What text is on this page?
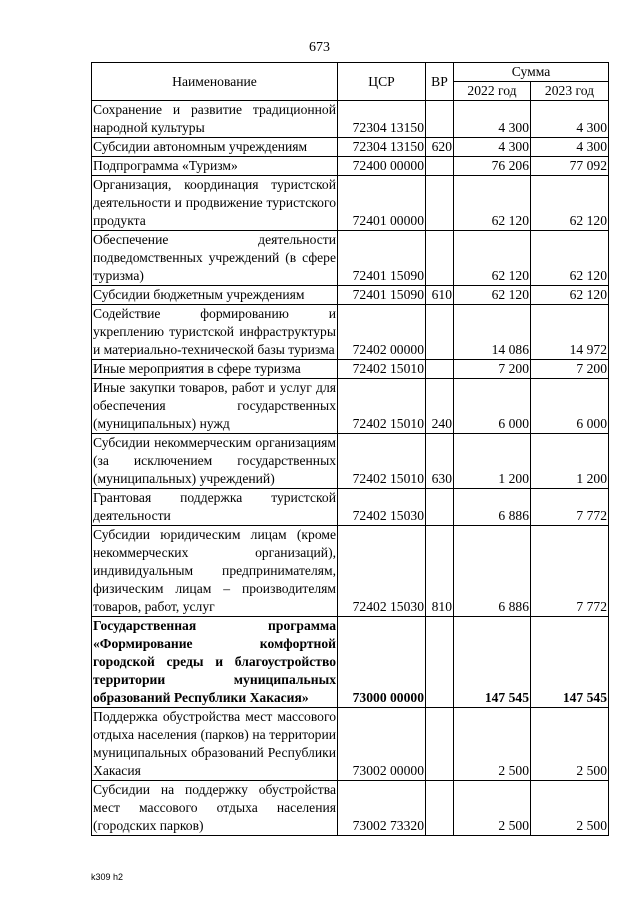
673
Наименование	ЦСР	ВР	Сумма	
			2022 год	2023 год
Сохранение и развитие традиционной народной культуры	72304 13150		4 300	4 300
Субсидии автономным учреждениям	72304 13150	620	4 300	4 300
Подпрограмма «Туризм»	72400 00000		76 206	77 092
Организация, координация туристской деятельности и продвижение туристского продукта	72401 00000		62 120	62 120
Обеспечение деятельности подведомственных учреждений (в сфере туризма)	72401 15090		62 120	62 120
Субсидии бюджетным учреждениям	72401 15090	610	62 120	62 120
Содействие формированию и укреплению туристской инфраструктуры и материально-технической базы туризма	72402 00000		14 086	14 972
Иные мероприятия в сфере туризма	72402 15010		7 200	7 200
Иные закупки товаров, работ и услуг для обеспечения государственных (муниципальных) нужд	72402 15010	240	6 000	6 000
Субсидии некоммерческим организациям (за исключением государственных (муниципальных) учреждений)	72402 15010	630	1 200	1 200
Грантовая поддержка туристской деятельности	72402 15030		6 886	7 772
Субсидии юридическим лицам (кроме некоммерческих организаций), индивидуальным предпринимателям, физическим лицам – производителям товаров, работ, услуг	72402 15030	810	6 886	7 772
Государственная программа «Формирование комфортной городской среды и благоустройство территории муниципальных образований Республики Хакасия»	73000 00000		147 545	147 545
Поддержка обустройства мест массового отдыха населения (парков) на территории муниципальных образований Республики Хакасия	73002 00000		2 500	2 500
Субсидии на поддержку обустройства мест массового отдыха населения (городских парков)	73002 73320		2 500	2 500
k309 h2
